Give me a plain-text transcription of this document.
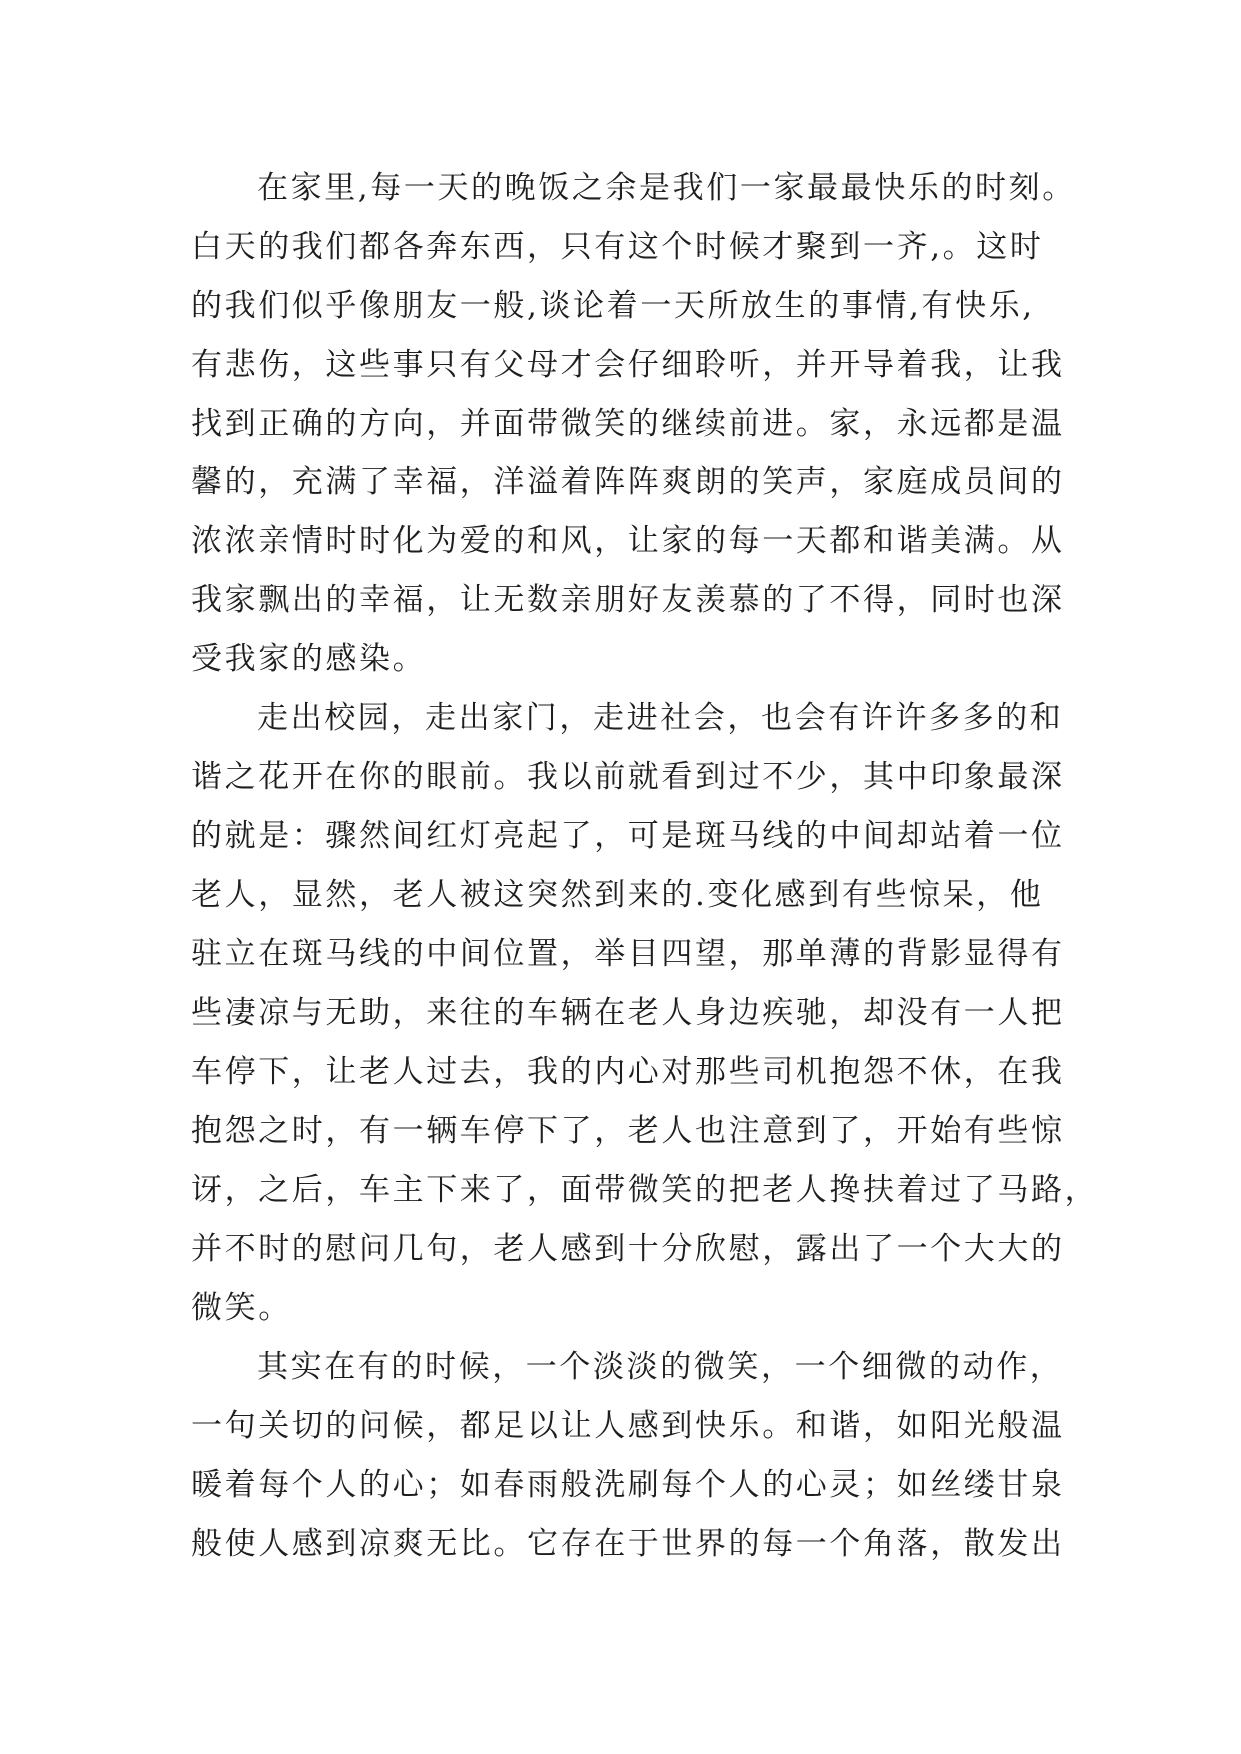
在家里,每一天的晚饭之余是我们一家最最快乐的时刻。
白天的我们都各奔东西，只有这个时候才聚到一齐,。这时
的我们似乎像朋友一般,谈论着一天所放生的事情,有快乐,
有悲伤，这些事只有父母才会仔细聆听，并开导着我，让我
找到正确的方向，并面带微笑的继续前进。家，永远都是温
馨的，充满了幸福，洋溢着阵阵爽朗的笑声，家庭成员间的
浓浓亲情时时化为爱的和风，让家的每一天都和谐美满。从
我家飘出的幸福，让无数亲朋好友羡慕的了不得，同时也深
受我家的感染。
走出校园，走出家门，走进社会，也会有许许多多的和
谐之花开在你的眼前。我以前就看到过不少，其中印象最深
的就是：骤然间红灯亮起了，可是斑马线的中间却站着一位
老人，显然，老人被这突然到来的.变化感到有些惊呆，他
驻立在斑马线的中间位置，举目四望，那单薄的背影显得有
些凄凉与无助，来往的车辆在老人身边疾驰，却没有一人把
车停下，让老人过去，我的内心对那些司机抱怨不休，在我
抱怨之时，有一辆车停下了，老人也注意到了，开始有些惊
讶，之后，车主下来了，面带微笑的把老人搀扶着过了马路，
并不时的慰问几句，老人感到十分欣慰，露出了一个大大的
微笑。
其实在有的时候，一个淡淡的微笑，一个细微的动作，
一句关切的问候，都足以让人感到快乐。和谐，如阳光般温
暖着每个人的心；如春雨般洗刷每个人的心灵；如丝缕甘泉
般使人感到凉爽无比。它存在于世界的每一个角落，散发出
